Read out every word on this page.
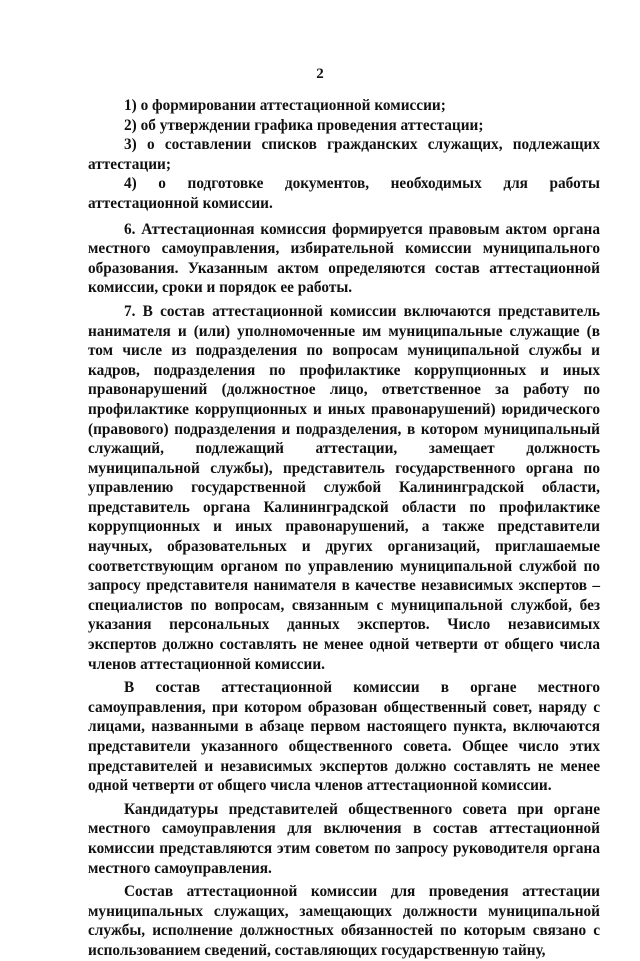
2

1) о формировании аттестационной комиссии;

2) об утверждении графика проведения аттестации;

3) о составлении списков гражданских служащих, подлежащих аттестации;

4) о подготовке документов, необходимых для работы аттестационной комиссии.

6. Аттестационная комиссия формируется правовым актом органа местного самоуправления, избирательной комиссии муниципального образования. Указанным актом определяются состав аттестационной комиссии, сроки и порядок ее работы.

7. В состав аттестационной комиссии включаются представитель нанимателя и (или) уполномоченные им муниципальные служащие (в том числе из подразделения по вопросам муниципальной службы и кадров, подразделения по профилактике коррупционных и иных правонарушений (должностное лицо, ответственное за работу по профилактике коррупционных и иных правонарушений) юридического (правового) подразделения и подразделения, в котором муниципальный служащий, подлежащий аттестации, замещает должность муниципальной службы), представитель государственного органа по управлению государственной службой Калининградской области, представитель органа Калининградской области по профилактике коррупционных и иных правонарушений, а также представители научных, образовательных и других организаций, приглашаемые соответствующим органом по управлению муниципальной службой по запросу представителя нанимателя в качестве независимых экспертов – специалистов по вопросам, связанным с муниципальной службой, без указания персональных данных экспертов. Число независимых экспертов должно составлять не менее одной четверти от общего числа членов аттестационной комиссии.

В состав аттестационной комиссии в органе местного самоуправления, при котором образован общественный совет, наряду с лицами, названными в абзаце первом настоящего пункта, включаются представители указанного общественного совета. Общее число этих представителей и независимых экспертов должно составлять не менее одной четверти от общего числа членов аттестационной комиссии.

Кандидатуры представителей общественного совета при органе местного самоуправления для включения в состав аттестационной комиссии представляются этим советом по запросу руководителя органа местного самоуправления.

Состав аттестационной комиссии для проведения аттестации муниципальных служащих, замещающих должности муниципальной службы, исполнение должностных обязанностей по которым связано с использованием сведений, составляющих государственную тайну,
